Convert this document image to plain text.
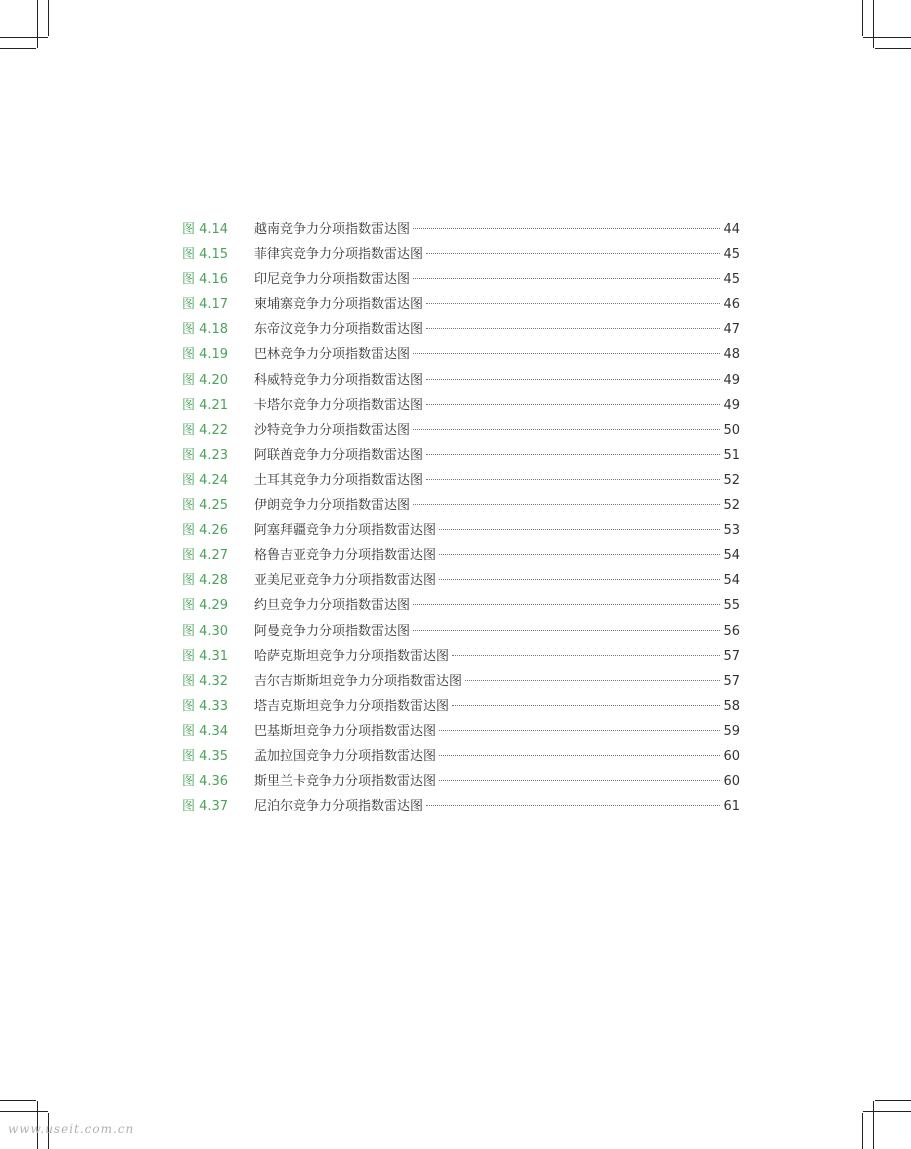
图 4.14	越南竞争力分项指数雷达图	44
图 4.15	菲律宾竞争力分项指数雷达图	45
图 4.16	印尼竞争力分项指数雷达图	45
图 4.17	柬埔寨竞争力分项指数雷达图	46
图 4.18	东帝汶竞争力分项指数雷达图	47
图 4.19	巴林竞争力分项指数雷达图	48
图 4.20	科威特竞争力分项指数雷达图	49
图 4.21	卡塔尔竞争力分项指数雷达图	49
图 4.22	沙特竞争力分项指数雷达图	50
图 4.23	阿联酋竞争力分项指数雷达图	51
图 4.24	土耳其竞争力分项指数雷达图	52
图 4.25	伊朗竞争力分项指数雷达图	52
图 4.26	阿塞拜疆竞争力分项指数雷达图	53
图 4.27	格鲁吉亚竞争力分项指数雷达图	54
图 4.28	亚美尼亚竞争力分项指数雷达图	54
图 4.29	约旦竞争力分项指数雷达图	55
图 4.30	阿曼竞争力分项指数雷达图	56
图 4.31	哈萨克斯坦竞争力分项指数雷达图	57
图 4.32	吉尔吉斯斯坦竞争力分项指数雷达图	57
图 4.33	塔吉克斯坦竞争力分项指数雷达图	58
图 4.34	巴基斯坦竞争力分项指数雷达图	59
图 4.35	孟加拉国竞争力分项指数雷达图	60
图 4.36	斯里兰卡竞争力分项指数雷达图	60
图 4.37	尼泊尔竞争力分项指数雷达图	61
www.useit.com.cn
